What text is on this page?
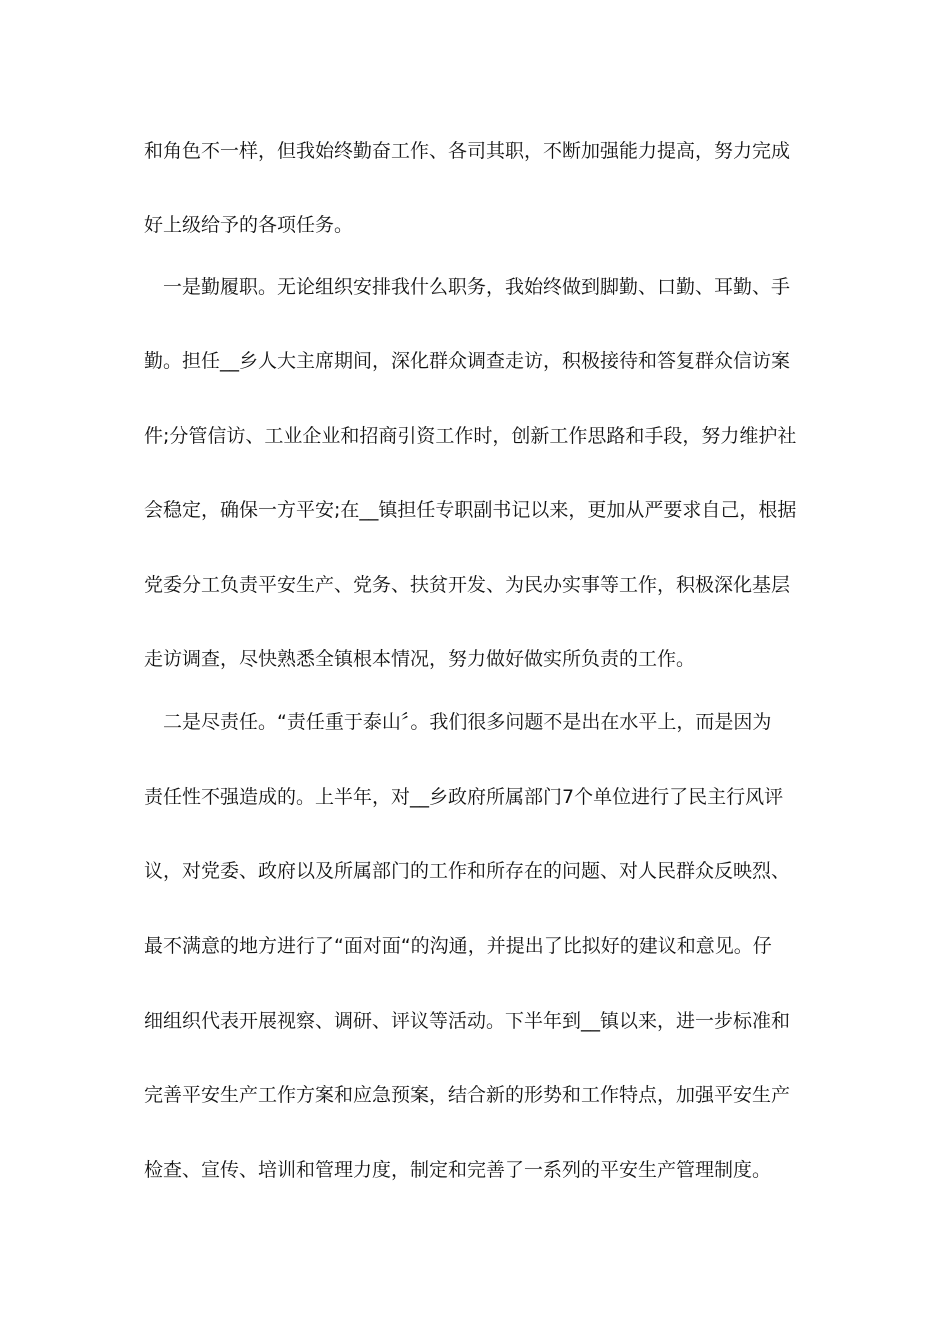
和角色不一样，但我始终勤奋工作、各司其职，不断加强能力提高，努力完成
好上级给予的各项任务。
一是勤履职。无论组织安排我什么职务，我始终做到脚勤、口勤、耳勤、手
勤。担任__乡人大主席期间，深化群众调查走访，积极接待和答复群众信访案
件;分管信访、工业企业和招商引资工作时，创新工作思路和手段，努力维护社
会稳定，确保一方平安;在__镇担任专职副书记以来，更加从严要求自己，根据
党委分工负责平安生产、党务、扶贫开发、为民办实事等工作，积极深化基层
走访调查，尽快熟悉全镇根本情况，努力做好做实所负责的工作。
二是尽责任。“责任重于泰山〞。我们很多问题不是出在水平上，而是因为
责任性不强造成的。上半年，对__乡政府所属部门7个单位进行了民主行风评
议，对党委、政府以及所属部门的工作和所存在的问题、对人民群众反映烈、
最不满意的地方进行了“面对面“的沟通，并提出了比拟好的建议和意见。仔
细组织代表开展视察、调研、评议等活动。下半年到__镇以来，进一步标准和
完善平安生产工作方案和应急预案，结合新的形势和工作特点，加强平安生产
检查、宣传、培训和管理力度，制定和完善了一系列的平安生产管理制度。
